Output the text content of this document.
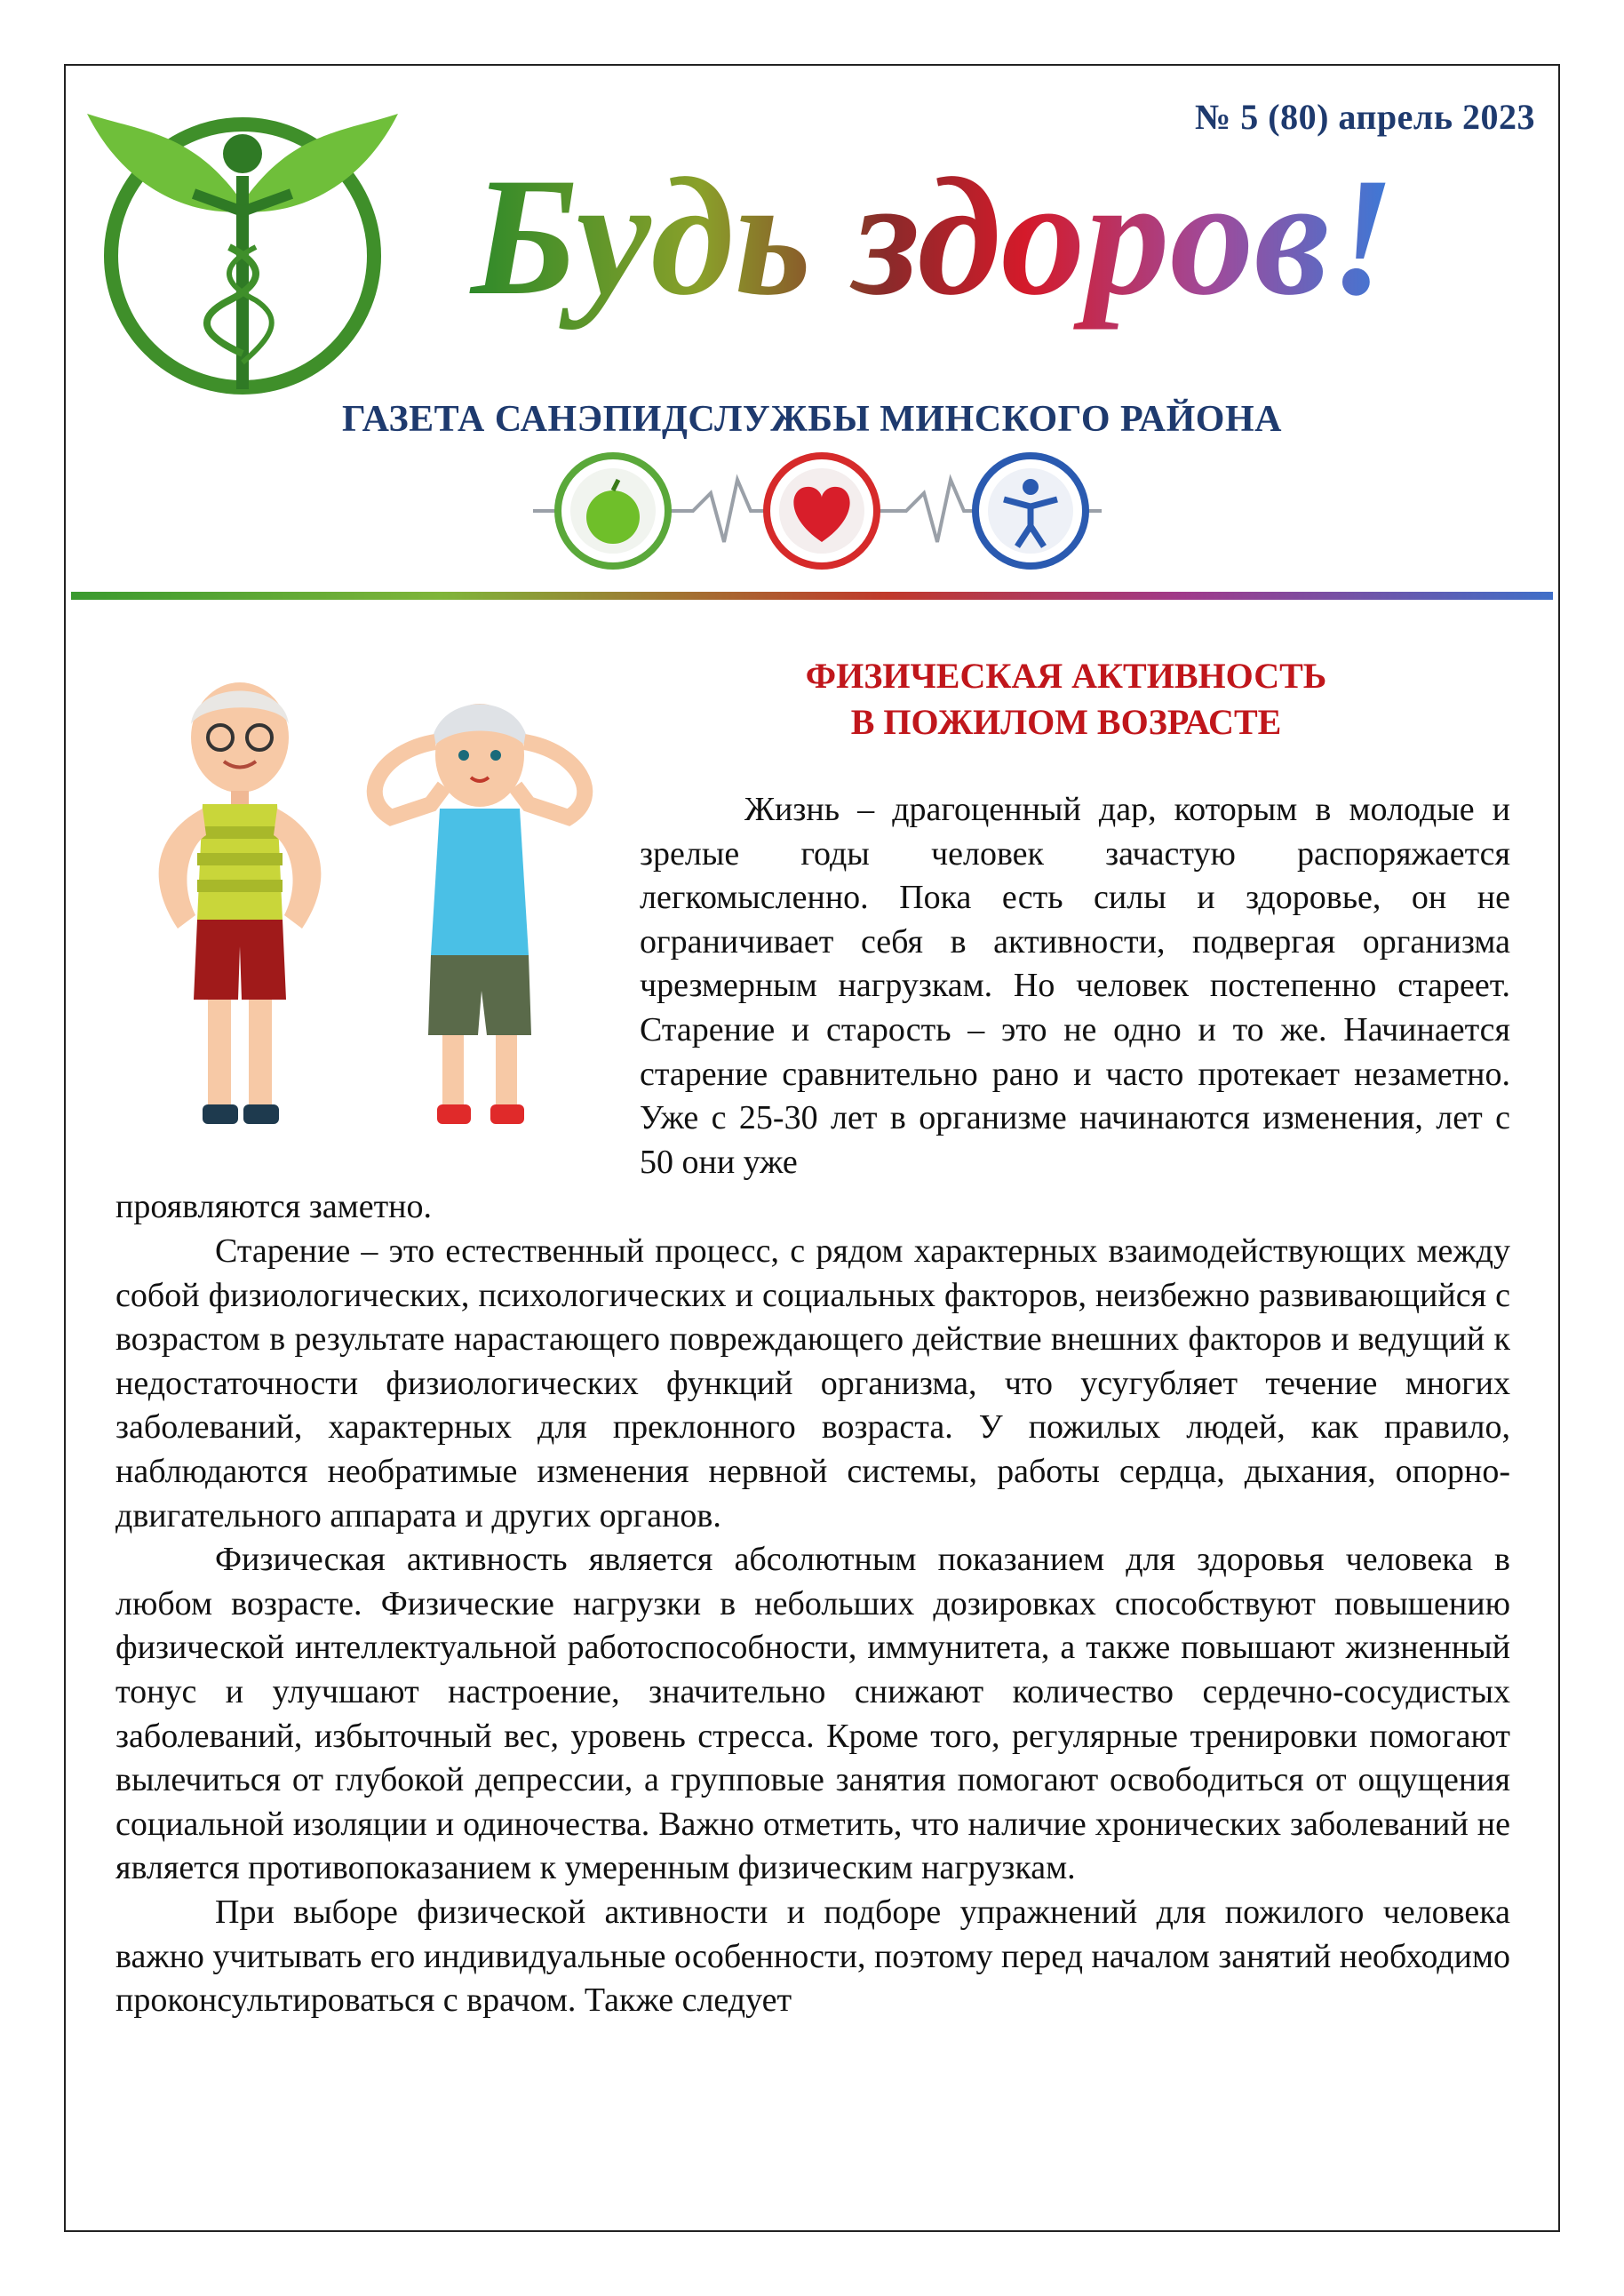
№ 5 (80) апрель 2023
Будь здоров!
ГАЗЕТА САНЭПИДСЛУЖБЫ МИНСКОГО РАЙОНА
ФИЗИЧЕСКАЯ АКТИВНОСТЬ
В ПОЖИЛОМ ВОЗРАСТЕ

Жизнь – драгоценный дар, которым в молодые и зрелые годы человек зачастую распоряжается легкомысленно. Пока есть силы и здоровье, он не ограничивает себя в активности, подвергая организма чрезмерным нагрузкам. Но человек постепенно стареет. Старение и старость – это не одно и то же. Начинается старение сравнительно рано и часто протекает незаметно. Уже с 25-30 лет в организме начинаются изменения, лет с 50 они уже

проявляются заметно.

Старение – это естественный процесс, с рядом характерных взаимодействующих между собой физиологических, психологических и социальных факторов, неизбежно развивающийся с возрастом в результате нарастающего повреждающего действие внешних факторов и ведущий к недостаточности физиологических функций организма, что усугубляет течение многих заболеваний, характерных для преклонного возраста. У пожилых людей, как правило, наблюдаются необратимые изменения нервной системы, работы сердца, дыхания, опорно-двигательного аппарата и других органов.

Физическая активность является абсолютным показанием для здоровья человека в любом возрасте. Физические нагрузки в небольших дозировках способствуют повышению физической интеллектуальной работоспособности, иммунитета, а также повышают жизненный тонус и улучшают настроение, значительно снижают количество сердечно-сосудистых заболеваний, избыточный вес, уровень стресса. Кроме того, регулярные тренировки помогают вылечиться от глубокой депрессии, а групповые занятия помогают освободиться от ощущения социальной изоляции и одиночества. Важно отметить, что наличие хронических заболеваний не является противопоказанием к умеренным физическим нагрузкам.

При выборе физической активности и подборе упражнений для пожилого человека важно учитывать его индивидуальные особенности, поэтому перед началом занятий необходимо проконсультироваться с врачом. Также следует
